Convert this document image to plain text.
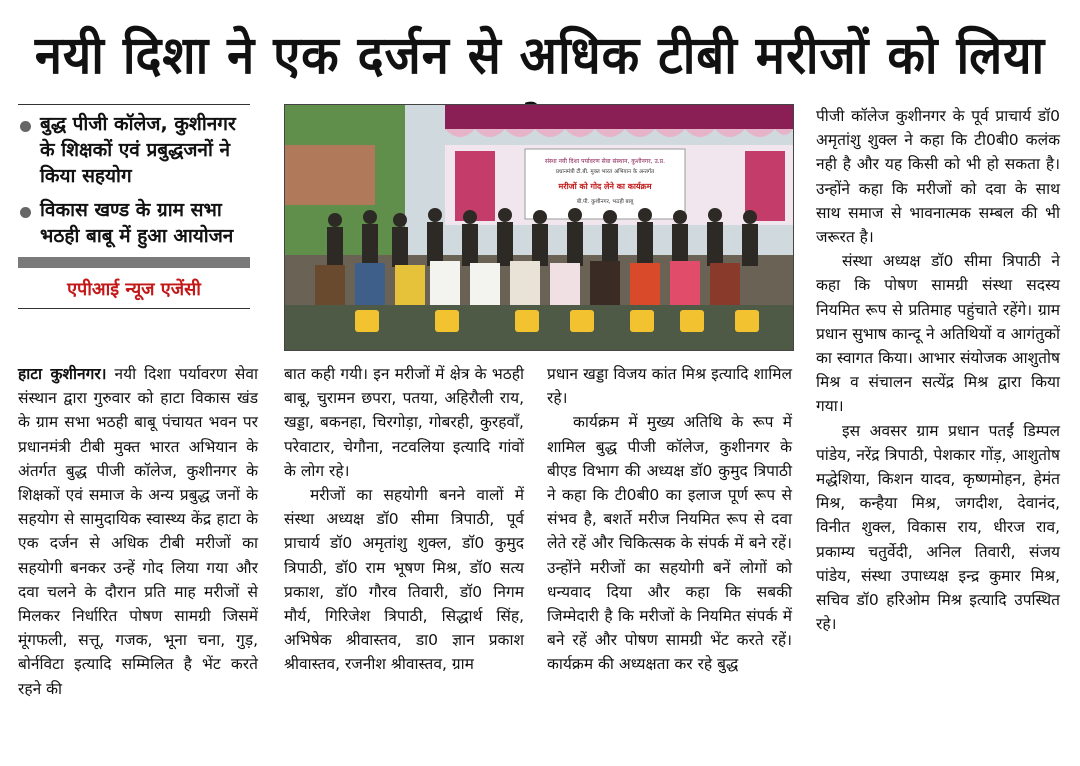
नयी दिशा ने एक दर्जन से अधिक टीबी मरीजों को लिया
बुद्ध पीजी कॉलेज, कुशीनगर के शिक्षकों एवं प्रबुद्धजनों ने किया सहयोग
विकास खण्ड के ग्राम सभा भठही बाबू में हुआ आयोजन
एपीआई न्यूज एजेंसी
संस्था नयी दिशा पर्यावरण सेवा संस्थान, कुशीनगर, उ.प्र.
प्रधानमंत्री टी.बी. मुक्त भारत अभियान के अन्तर्गत
मरीजों को गोद लेने का कार्यक्रम
बी.पी. कुशीनगर, भठही बाबू

हाटा कुशीनगर। नयी दिशा पर्यावरण सेवा संस्थान द्वारा गुरुवार को हाटा विकास खंड के ग्राम सभा भठही बाबू पंचायत भवन पर प्रधानमंत्री टीबी मुक्त भारत अभियान के अंतर्गत बुद्ध पीजी कॉलेज, कुशीनगर के शिक्षकों एवं समाज के अन्य प्रबुद्ध जनों के सहयोग से सामुदायिक स्वास्थ्य केंद्र हाटा के एक दर्जन से अधिक टीबी मरीजों का सहयोगी बनकर उन्हें गोद लिया गया और दवा चलने के दौरान प्रति माह मरीजों से मिलकर निर्धारित पोषण सामग्री जिसमें मूंगफली, सत्तू, गजक, भूना चना, गुड़, बोर्नविटा इत्यादि सम्मिलित है भेंट करते रहने की

बात कही गयी। इन मरीजों में क्षेत्र के भठही बाबू, चुरामन छपरा, पतया, अहिरौली राय, खड्डा, बकनहा, चिरगोड़ा, गोबरही, कुरहवाँ, परेवाटार, चेगौना, नटवलिया इत्यादि गांवों के लोग रहे।

मरीजों का सहयोगी बनने वालों में संस्था अध्यक्ष डॉ0 सीमा त्रिपाठी, पूर्व प्राचार्य डॉ0 अमृतांशु शुक्ल, डॉ0 कुमुद त्रिपाठी, डॉ0 राम भूषण मिश्र, डॉ0 सत्य प्रकाश, डॉ0 गौरव तिवारी, डॉ0 निगम मौर्य, गिरिजेश त्रिपाठी, सिद्धार्थ सिंह, अभिषेक श्रीवास्तव, डा0 ज्ञान प्रकाश श्रीवास्तव, रजनीश श्रीवास्तव, ग्राम

प्रधान खड्डा विजय कांत मिश्र इत्यादि शामिल रहे।

कार्यक्रम में मुख्य अतिथि के रूप में शामिल बुद्ध पीजी कॉलेज, कुशीनगर के बीएड विभाग की अध्यक्ष डॉ0 कुमुद त्रिपाठी ने कहा कि टी0बी0 का इलाज पूर्ण रूप से संभव है, बशर्ते मरीज नियमित रूप से दवा लेते रहें और चिकित्सक के संपर्क में बने रहें। उन्होंने मरीजों का सहयोगी बनें लोगों को धन्यवाद दिया और कहा कि सबकी जिम्मेदारी है कि मरीजों के नियमित संपर्क में बने रहें और पोषण सामग्री भेंट करते रहें। कार्यक्रम की अध्यक्षता कर रहे बुद्ध

पीजी कॉलेज कुशीनगर के पूर्व प्राचार्य डॉ0 अमृतांशु शुक्ल ने कहा कि टी0बी0 कलंक नही है और यह किसी को भी हो सकता है। उन्होंने कहा कि मरीजों को दवा के साथ साथ समाज से भावनात्मक सम्बल की भी जरूरत है।

संस्था अध्यक्ष डॉ0 सीमा त्रिपाठी ने कहा कि पोषण सामग्री संस्था सदस्य नियमित रूप से प्रतिमाह पहुंचाते रहेंगे। ग्राम प्रधान सुभाष कान्दू ने अतिथियों व आगंतुकों का स्वागत किया। आभार संयोजक आशुतोष मिश्र व संचालन सत्येंद्र मिश्र द्वारा किया गया।

इस अवसर ग्राम प्रधान पतईं डिम्पल पांडेय, नरेंद्र त्रिपाठी, पेशकार गोंड़, आशुतोष मद्धेशिया, किशन यादव, कृष्णमोहन, हेमंत मिश्र, कन्हैया मिश्र, जगदीश, देवानंद, विनीत शुक्ल, विकास राय, धीरज राव, प्रकाम्य चतुर्वेदी, अनिल तिवारी, संजय पांडेय, संस्था उपाध्यक्ष इन्द्र कुमार मिश्र, सचिव डॉ0 हरिओम मिश्र इत्यादि उपस्थित रहे।
